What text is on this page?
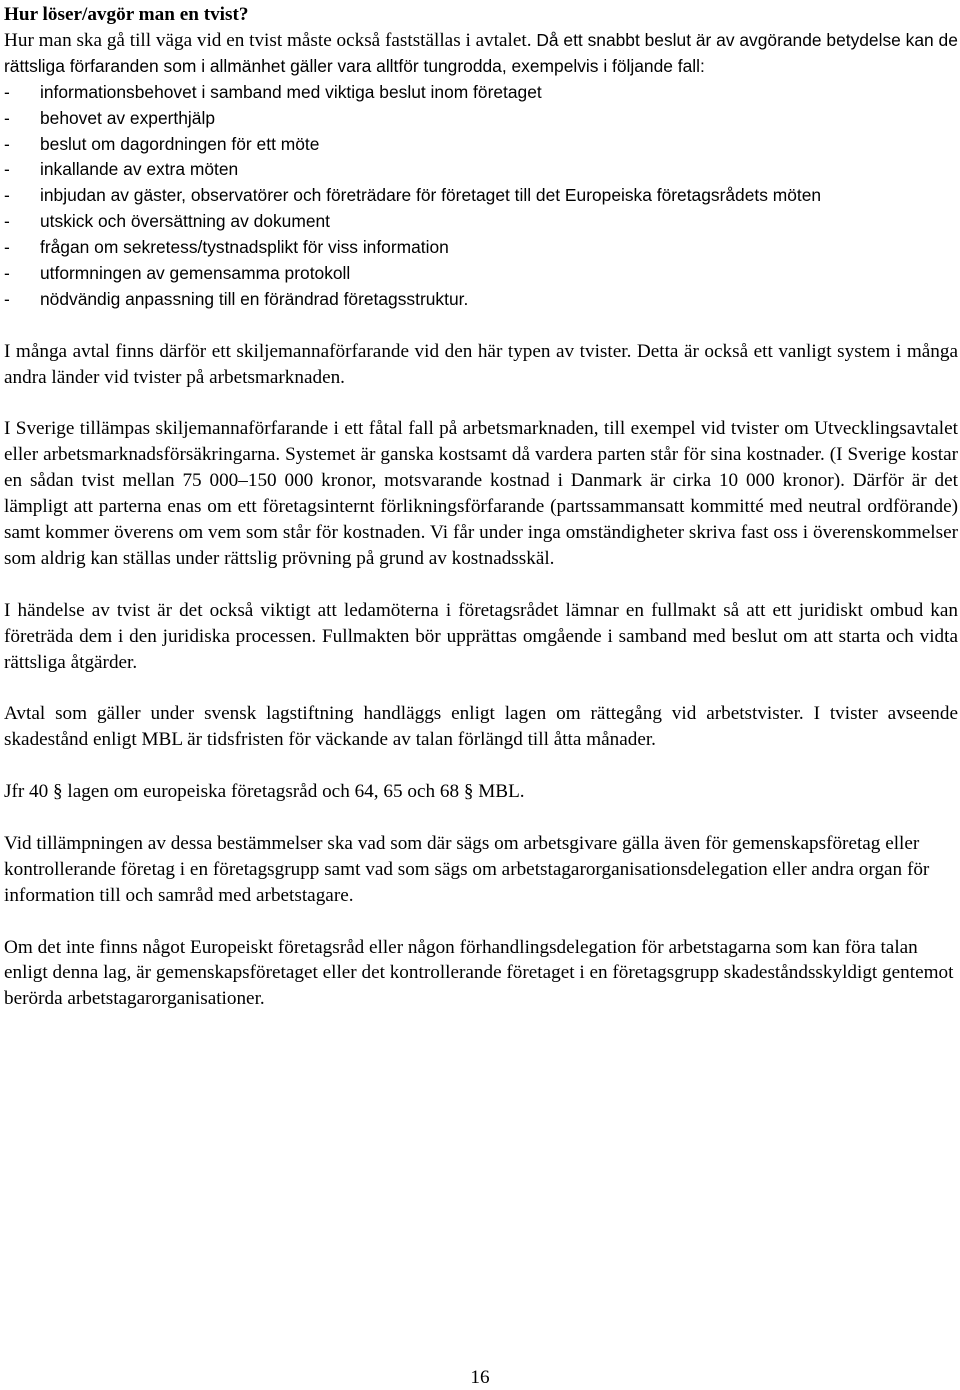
Hur löser/avgör man en tvist?

Hur man ska gå till väga vid en tvist måste också fastställas i avtalet. Då ett snabbt beslut är av avgörande betydelse kan de rättsliga förfaranden som i allmänhet gäller vara alltför tungrodda, exempelvis i följande fall:

- informationsbehovet i samband med viktiga beslut inom företaget
- behovet av experthjälp
- beslut om dagordningen för ett möte
- inkallande av extra möten
- inbjudan av gäster, observatörer och företrädare för företaget till det Europeiska företagsrådets möten
- utskick och översättning av dokument
- frågan om sekretess/tystnadsplikt för viss information
- utformningen av gemensamma protokoll
- nödvändig anpassning till en förändrad företagsstruktur.

I många avtal finns därför ett skiljemannaförfarande vid den här typen av tvister. Detta är också ett vanligt system i många andra länder vid tvister på arbetsmarknaden.

I Sverige tillämpas skiljemannaförfarande i ett fåtal fall på arbetsmarknaden, till exempel vid tvister om Utvecklingsavtalet eller arbetsmarknadsförsäkringarna. Systemet är ganska kostsamt då vardera parten står för sina kostnader. (I Sverige kostar en sådan tvist mellan 75 000–150 000 kronor, motsvarande kostnad i Danmark är cirka 10 000 kronor). Därför är det lämpligt att parterna enas om ett företagsinternt förlikningsförfarande (partssammansatt kommitté med neutral ordförande) samt kommer överens om vem som står för kostnaden. Vi får under inga omständigheter skriva fast oss i överenskommelser som aldrig kan ställas under rättslig prövning på grund av kostnadsskäl.

I händelse av tvist är det också viktigt att ledamöterna i företagsrådet lämnar en fullmakt så att ett juridiskt ombud kan företräda dem i den juridiska processen. Fullmakten bör upprättas omgående i samband med beslut om att starta och vidta rättsliga åtgärder.

Avtal som gäller under svensk lagstiftning handläggs enligt lagen om rättegång vid arbetstvister. I tvister avseende skadestånd enligt MBL är tidsfristen för väckande av talan förlängd till åtta månader.

Jfr 40 § lagen om europeiska företagsråd och 64, 65 och 68 § MBL.

Vid tillämpningen av dessa bestämmelser ska vad som där sägs om arbetsgivare gälla även för gemenskapsföretag eller kontrollerande företag i en företagsgrupp samt vad som sägs om arbetstagarorganisationsdelegation eller andra organ för information till och samråd med arbetstagare.

Om det inte finns något Europeiskt företagsråd eller någon förhandlingsdelegation för arbetstagarna som kan föra talan enligt denna lag, är gemenskapsföretaget eller det kontrollerande företaget i en företagsgrupp skadeståndsskyldigt gentemot berörda arbetstagarorganisationer.

16
